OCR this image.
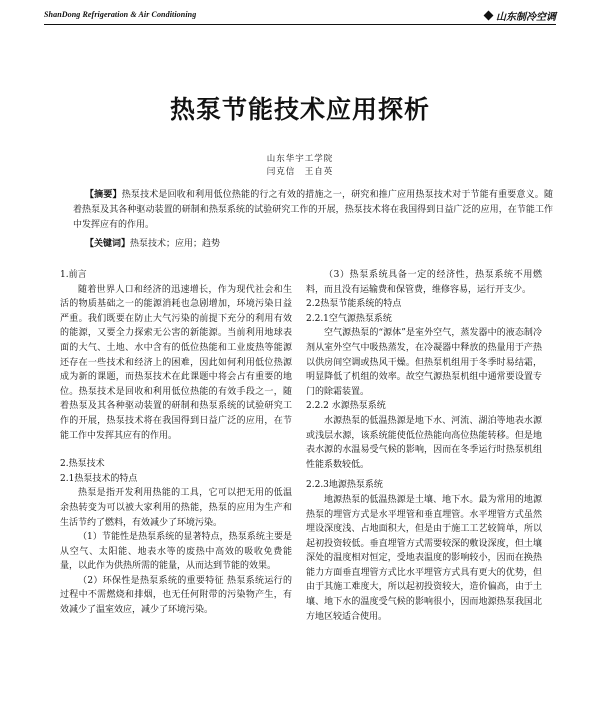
ShanDong Refrigeration & Air Conditioning	山东制冷空调
热泵节能技术应用探析
山东华宇工学院
闫克信　王自英
【摘要】热泵技术是回收和利用低位热能的行之有效的措施之一，研究和推广应用热泵技术对于节能有重要意义。随着热泵及其各种驱动装置的研制和热泵系统的试验研究工作的开展，热泵技术将在我国得到日益广泛的应用，在节能工作中发挥应有的作用。
【关键词】热泵技术；应用；趋势

1.前言

随着世界人口和经济的迅速增长，作为现代社会和生活的物质基础之一的能源消耗也急剧增加，环境污染日益严重。我们既要在防止大气污染的前提下充分的利用有效的能源，又要全力探索无公害的新能源。当前利用地球表面的大气、土地、水中含有的低位热能和工业废热等能源还存在一些技术和经济上的困难，因此如何利用低位热源成为新的课题，而热泵技术在此课题中将会占有重要的地位。热泵技术是回收和利用低位热能的有效手段之一，随着热泵及其各种驱动装置的研制和热泵系统的试验研究工作的开展，热泵技术将在我国得到日益广泛的应用，在节能工作中发挥其应有的作用。

2.热泵技术

2.1热泵技术的特点

热泵是指开发利用热能的工具，它可以把无用的低温余热转变为可以被大家利用的热能，热泵的应用为生产和生活节约了燃料，有效减少了环境污染。

（1）节能性是热泵系统的显著特点，热泵系统主要是从空气、太阳能、地表水等的废热中高效的吸收免费能量，以此作为供热所需的能量，从而达到节能的效果。

（2）环保性是热泵系统的重要特征 热泵系统运行的过程中不需燃烧和排烟，也无任何附带的污染物产生，有效减少了温室效应，减少了环境污染。

（3）热泵系统具备一定的经济性，热泵系统不用燃料，而且没有运输费和保管费，维修容易，运行开支少。

2.2热泵节能系统的特点

2.2.1空气源热泵系统

空气源热泵的“源体”是室外空气，蒸发器中的液态制冷剂从室外空气中吸热蒸发，在冷凝器中释放的热量用于产热以供房间空调或热风干燥。但热泵机组用于冬季时易结霜，明显降低了机组的效率。故空气源热泵机组中通常要设置专门的除霜装置。

2.2.2 水源热泵系统

水源热泵的低温热源是地下水、河流、湖泊等地表水源或浅层水源，该系统能使低位热能向高位热能转移。但是地表水源的水温易受气候的影响，因而在冬季运行时热泵机组性能系数较低。

2.2.3地源热泵系统

地源热泵的低温热源是土壤、地下水。最为常用的地源热泵的埋管方式是水平埋管和垂直埋管。水平埋管方式虽然埋设深度浅、占地面积大，但是由于施工工艺较简单，所以起初投资较低。垂直埋管方式需要较深的敷设深度，但土壤深处的温度相对恒定，受地表温度的影响较小，因而在换热能力方面垂直埋管方式比水平埋管方式具有更大的优势，但由于其施工难度大，所以起初投资较大，造价偏高，由于土壤、地下水的温度受气候的影响很小，因而地源热泵我国北方地区较适合使用。
